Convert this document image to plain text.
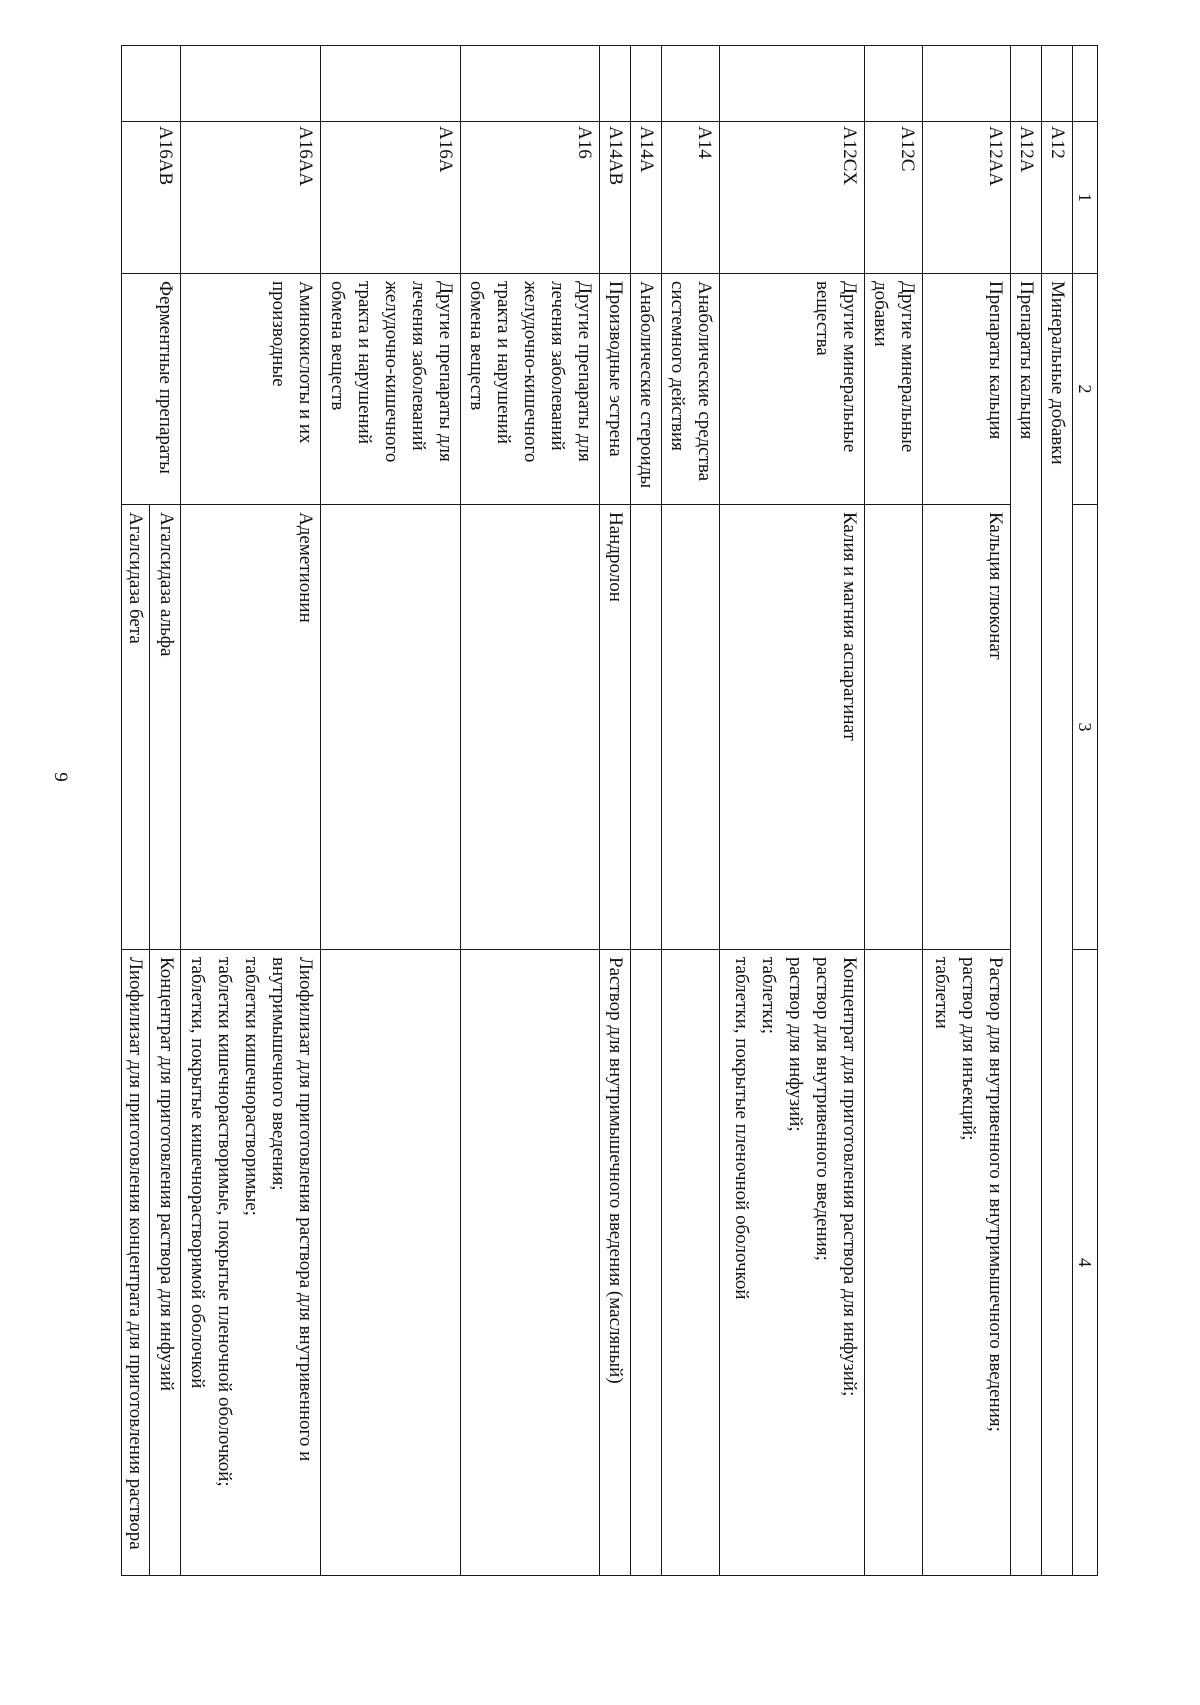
9
	1	2	3	4
	A12	Минеральные добавки		
	A12A	Препараты кальция		
	A12AA	Препараты кальция	Кальция глюконат	Раствор для внутривенного и внутримышечного введения;
раствор для инъекций;
таблетки
	A12C	Другие минеральные добавки		
	A12CX	Другие минеральные вещества	Калия и магния аспарагинат	Концентрат для приготовления раствора для инфузий;
раствор для внутривенного введения;
раствор для инфузий;
таблетки;
таблетки, покрытые пленочной оболочкой
	A14	Анаболические средства системного действия		
	A14A	Анаболические стероиды		
	A14AB	Производные эстрена	Нандролон	Раствор для внутримышечного введения (масляный)
	A16	Другие препараты для лечения заболеваний желудочно-кишечного тракта и нарушений обмена веществ		
	A16A	Другие препараты для лечения заболеваний желудочно-кишечного тракта и нарушений обмена веществ		
	A16AA	Аминокислоты и их производные	Адеметионин	Лиофилизат для приготовления раствора для внутривенного и внутримышечного введения;
таблетки кишечнорастворимые;
таблетки кишечнорастворимые, покрытые пленочной оболочкой;
таблетки, покрытые кишечнорастворимой оболочкой
	A16AB	Ферментные препараты	Агалсидаза альфа	Концентрат для приготовления раствора для инфузий
			Агалсидаза бета	Лиофилизат для приготовления концентрата для приготовления раствора
